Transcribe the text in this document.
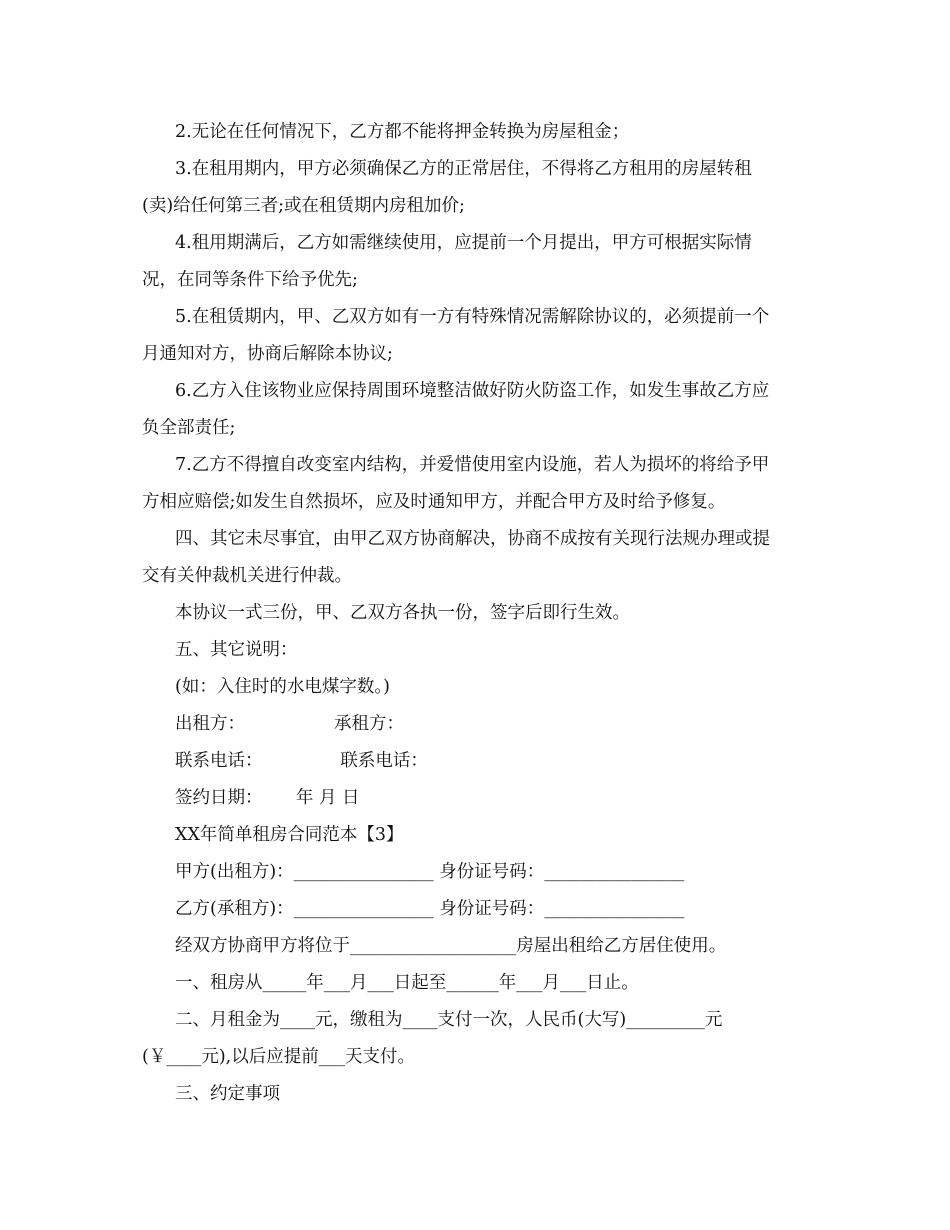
2.无论在任何情况下，乙方都不能将押金转换为房屋租金；
3.在租用期内，甲方必须确保乙方的正常居住，不得将乙方租用的房屋转租
(卖)给任何第三者;或在租赁期内房租加价;
4.租用期满后，乙方如需继续使用，应提前一个月提出，甲方可根据实际情
况，在同等条件下给予优先;
5.在租赁期内，甲、乙双方如有一方有特殊情况需解除协议的，必须提前一个
月通知对方，协商后解除本协议;
6.乙方入住该物业应保持周围环境整洁做好防火防盗工作，如发生事故乙方应
负全部责任;
7.乙方不得擅自改变室内结构，并爱惜使用室内设施，若人为损坏的将给予甲
方相应赔偿;如发生自然损坏，应及时通知甲方，并配合甲方及时给予修复。
四、其它未尽事宜，由甲乙双方协商解决，协商不成按有关现行法规办理或提
交有关仲裁机关进行仲裁。
本协议一式三份，甲、乙双方各执一份，签字后即行生效。
五、其它说明：
(如：入住时的水电煤字数。)
出租方：                承租方：
联系电话：              联系电话：
签约日期：      年 月 日
XX年简单租房合同范本【3】
甲方(出租方)：________________ 身份证号码：________________
乙方(承租方)：________________ 身份证号码：________________
经双方协商甲方将位于___________________房屋出租给乙方居住使用。
一、租房从_____年___月___日起至______年___月___日止。
二、月租金为____元，缴租为____支付一次，人民币(大写)_________元
(￥____元),以后应提前___天支付。
三、约定事项
